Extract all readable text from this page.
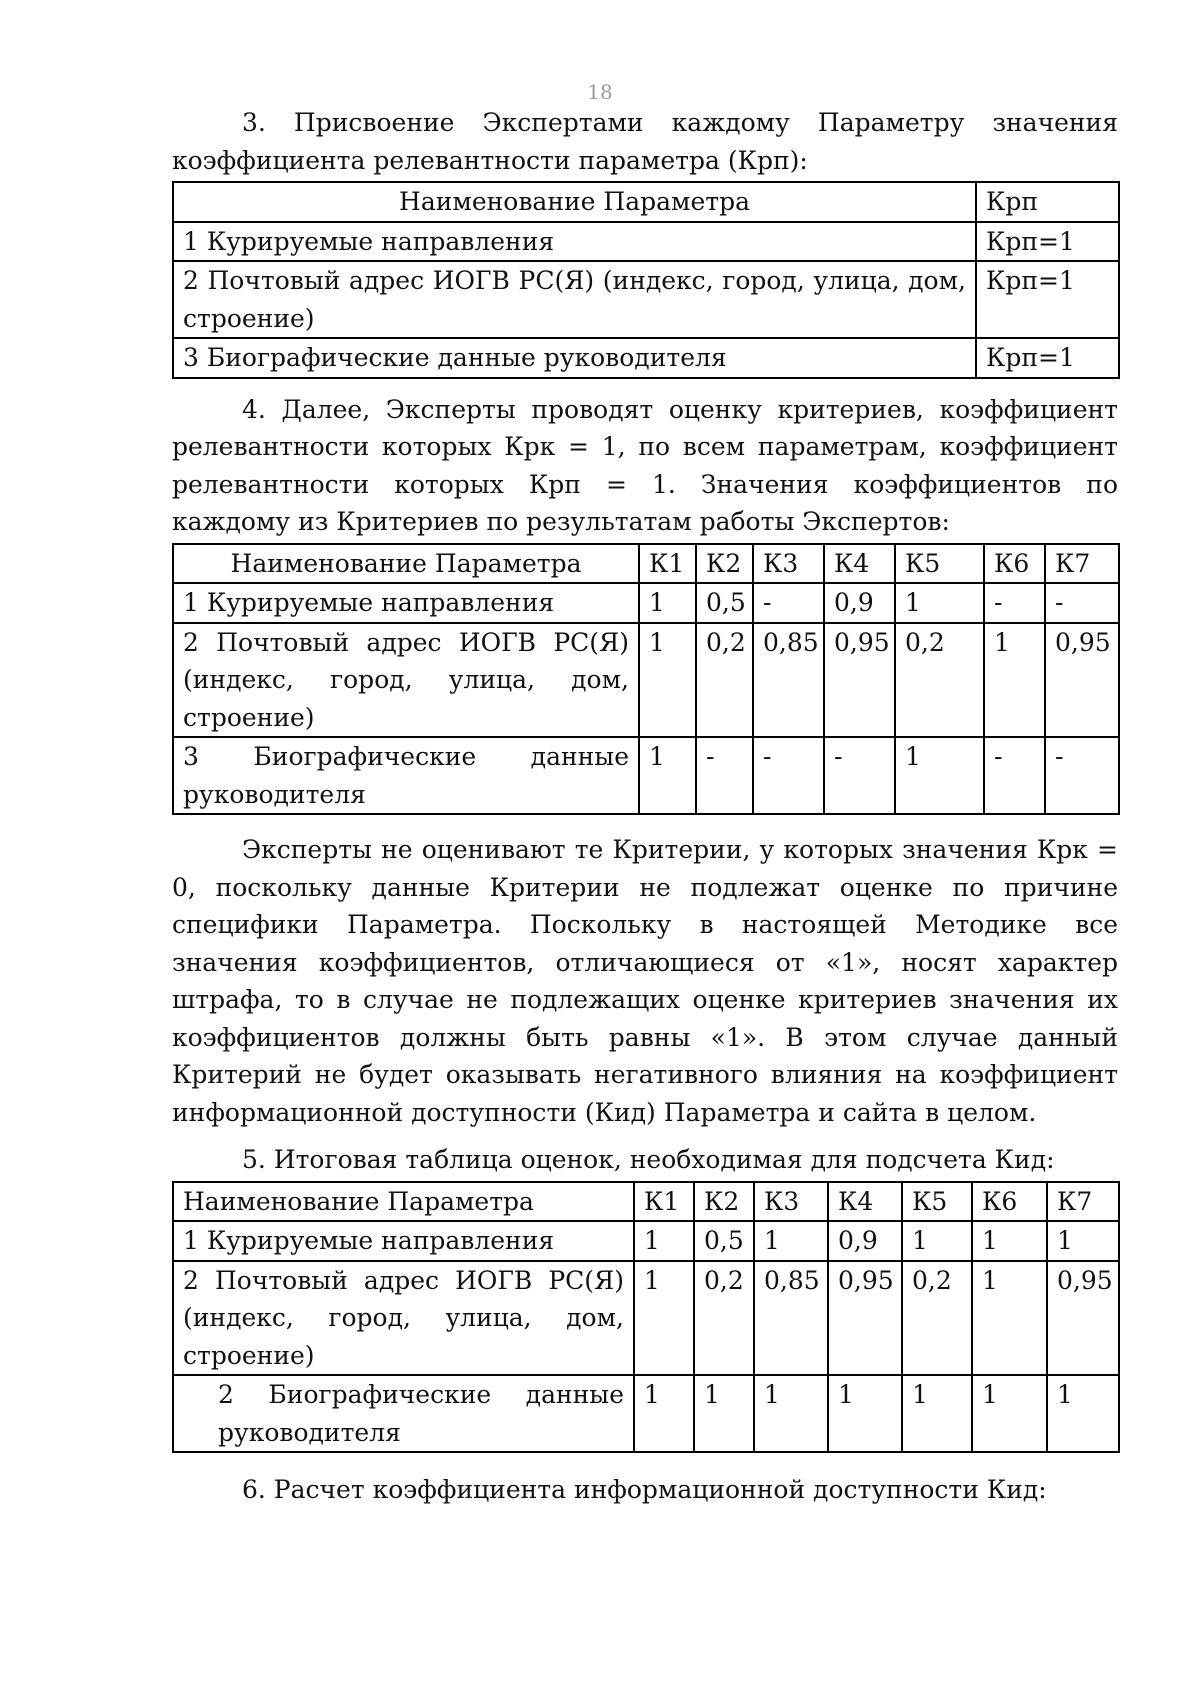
18

3. Присвоение Экспертами каждому Параметру значения

коэффициента релевантности параметра (Крп):

Наименование Параметра	Крп
1 Курируемые направления	Крп=1
2 Почтовый адрес ИОГВ РС(Я) (индекс, город, улица, дом, строение)	Крп=1
3 Биографические данные руководителя	Крп=1

4. Далее, Эксперты проводят оценку критериев, коэффициент релевантности которых Крк = 1, по всем параметрам, коэффициент релевантности которых Крп = 1. Значения коэффициентов по каждому из Критериев по результатам работы Экспертов:

Наименование Параметра	К1	К2	К3	К4	К5	К6	К7
1 Курируемые направления	1	0,5	-	0,9	1	-	-
2 Почтовый адрес ИОГВ РС(Я) (индекс, город, улица, дом, строение)	1	0,2	0,85	0,95	0,2	1	0,95
3 Биографические данные руководителя	1	-	-	-	1	-	-

Эксперты не оценивают те Критерии, у которых значения Крк = 0, поскольку данные Критерии не подлежат оценке по причине специфики Параметра. Поскольку в настоящей Методике все значения коэффициентов, отличающиеся от «1», носят характер штрафа, то в случае не подлежащих оценке критериев значения их коэффициентов должны быть равны «1». В этом случае данный Критерий не будет оказывать негативного влияния на коэффициент информационной доступности (Кид) Параметра и сайта в целом.

5. Итоговая таблица оценок, необходимая для подсчета Кид:

Наименование Параметра	К1	К2	К3	К4	К5	К6	К7
1 Курируемые направления	1	0,5	1	0,9	1	1	1
2 Почтовый адрес ИОГВ РС(Я) (индекс, город, улица, дом, строение)	1	0,2	0,85	0,95	0,2	1	0,95
2 Биографические данные руководителя	1	1	1	1	1	1	1

6. Расчет коэффициента информационной доступности Кид:
